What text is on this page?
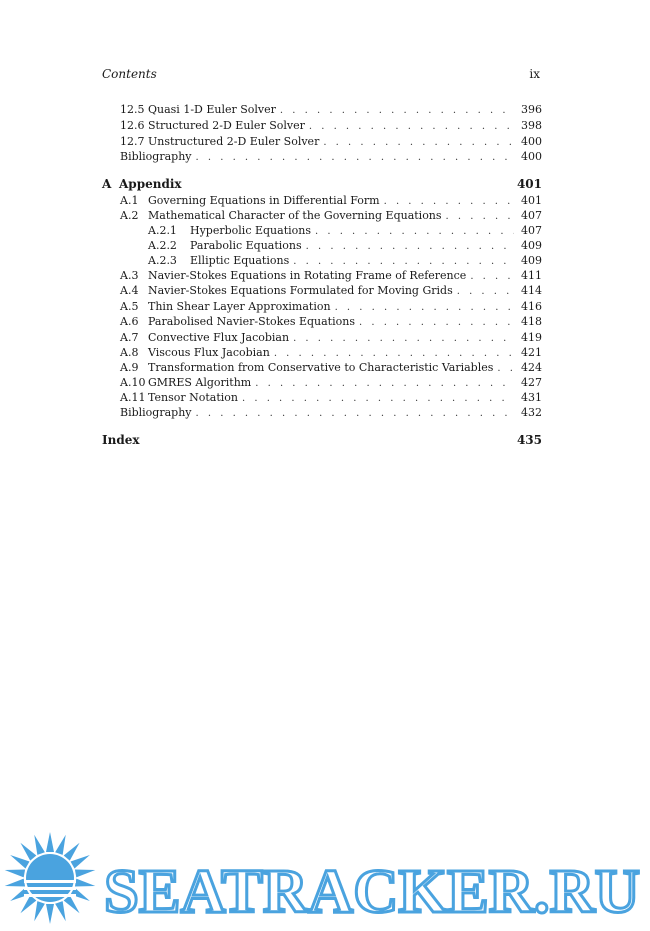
Contents	ix
12.5 Quasi 1-D Euler Solver . . .	396
12.6 Structured 2-D Euler Solver . . .	398
12.7 Unstructured 2-D Euler Solver . . .	400
Bibliography . . .	400
A Appendix	401
A.1 Governing Equations in Differential Form . . .	401
A.2 Mathematical Character of the Governing Equations . . .	407
A.2.1	Hyperbolic Equations . . .	407
A.2.2	Parabolic Equations . . .	409
A.2.3	Elliptic Equations . . .	409
A.3 Navier-Stokes Equations in Rotating Frame of Reference . . .	411
A.4 Navier-Stokes Equations Formulated for Moving Grids . . .	414
A.5 Thin Shear Layer Approximation . . .	416
A.6 Parabolised Navier-Stokes Equations . . .	418
A.7 Convective Flux Jacobian . . .	419
A.8 Viscous Flux Jacobian . . .	421
A.9 Transformation from Conservative to Characteristic Variables . . .	424
A.10 GMRES Algorithm . . .	427
A.11 Tensor Notation . . .	431
Bibliography . . .	432
Index	435
SEATRACKER.RU
